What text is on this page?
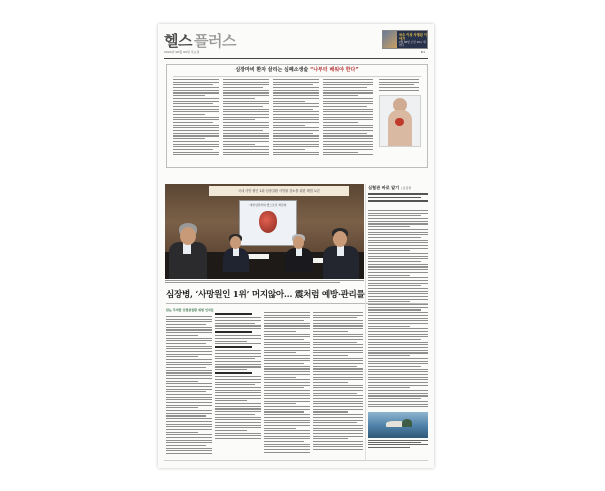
헬스 플러스
2024년 00월 00일 목요일	D1
국수 이상 사명된 이야기
2월 00일 오전 10시 세미나
심장마비 환자 살리는 심폐소생술 “나부터 배워야 한다”
국내 사망 원인 2위 심장질환 사망률 감소를 위한 해법 토론
대한심장학회·헬스조선 좌담회
심장병, ‘사망원인 1위’ 머지않아… 震처럼 예방·관리를
한눈 주의할 심혈관질환 위험 인자들
심혈관 바로 알기 | 심장편
